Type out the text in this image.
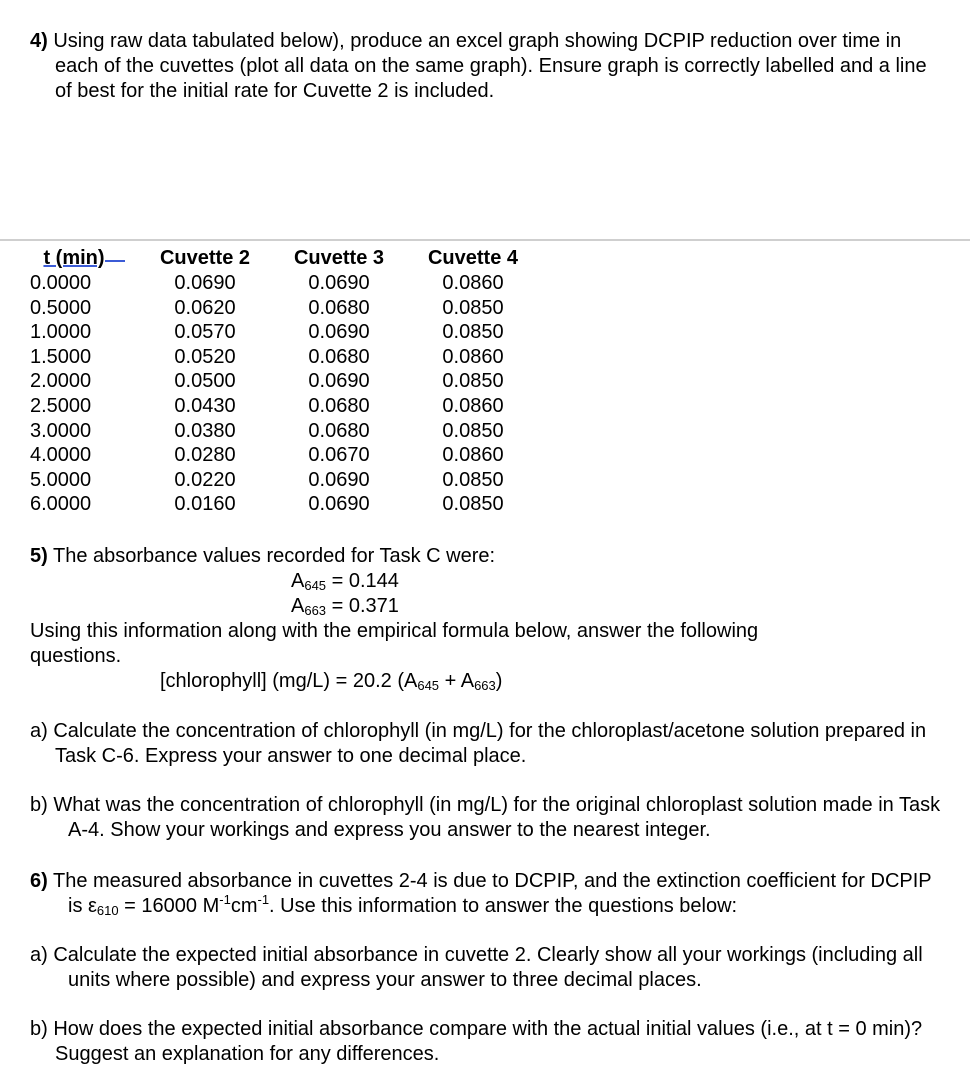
4) Using raw data tabulated below), produce an excel graph showing DCPIP reduction over time in each of the cuvettes (plot all data on the same graph). Ensure graph is correctly labelled and a line of best for the initial rate for Cuvette 2 is included.
t (min)	Cuvette 2	Cuvette 3	Cuvette 4
0.0000	0.0690	0.0690	0.0860
0.5000	0.0620	0.0680	0.0850
1.0000	0.0570	0.0690	0.0850
1.5000	0.0520	0.0680	0.0860
2.0000	0.0500	0.0690	0.0850
2.5000	0.0430	0.0680	0.0860
3.0000	0.0380	0.0680	0.0850
4.0000	0.0280	0.0670	0.0860
5.0000	0.0220	0.0690	0.0850
6.0000	0.0160	0.0690	0.0850
5) The absorbance values recorded for Task C were:
$A_{645} = 0.144$
$A_{663} = 0.371$
Using this information along with the empirical formula below, answer the following questions.
[chlorophyll] (mg/L) = 20.2 $(A_{645} + A_{663})$
a) Calculate the concentration of chlorophyll (in mg/L) for the chloroplast/acetone solution prepared in Task C-6. Express your answer to one decimal place.
b) What was the concentration of chlorophyll (in mg/L) for the original chloroplast solution made in Task A-4. Show your workings and express you answer to the nearest integer.
6) The measured absorbance in cuvettes 2-4 is due to DCPIP, and the extinction coefficient for DCPIP is $\varepsilon_{610} = 16000$ $M^{-1}cm^{-1}$. Use this information to answer the questions below:
a) Calculate the expected initial absorbance in cuvette 2. Clearly show all your workings (including all units where possible) and express your answer to three decimal places.
b) How does the expected initial absorbance compare with the actual initial values (i.e., at t = 0 min)? Suggest an explanation for any differences.
